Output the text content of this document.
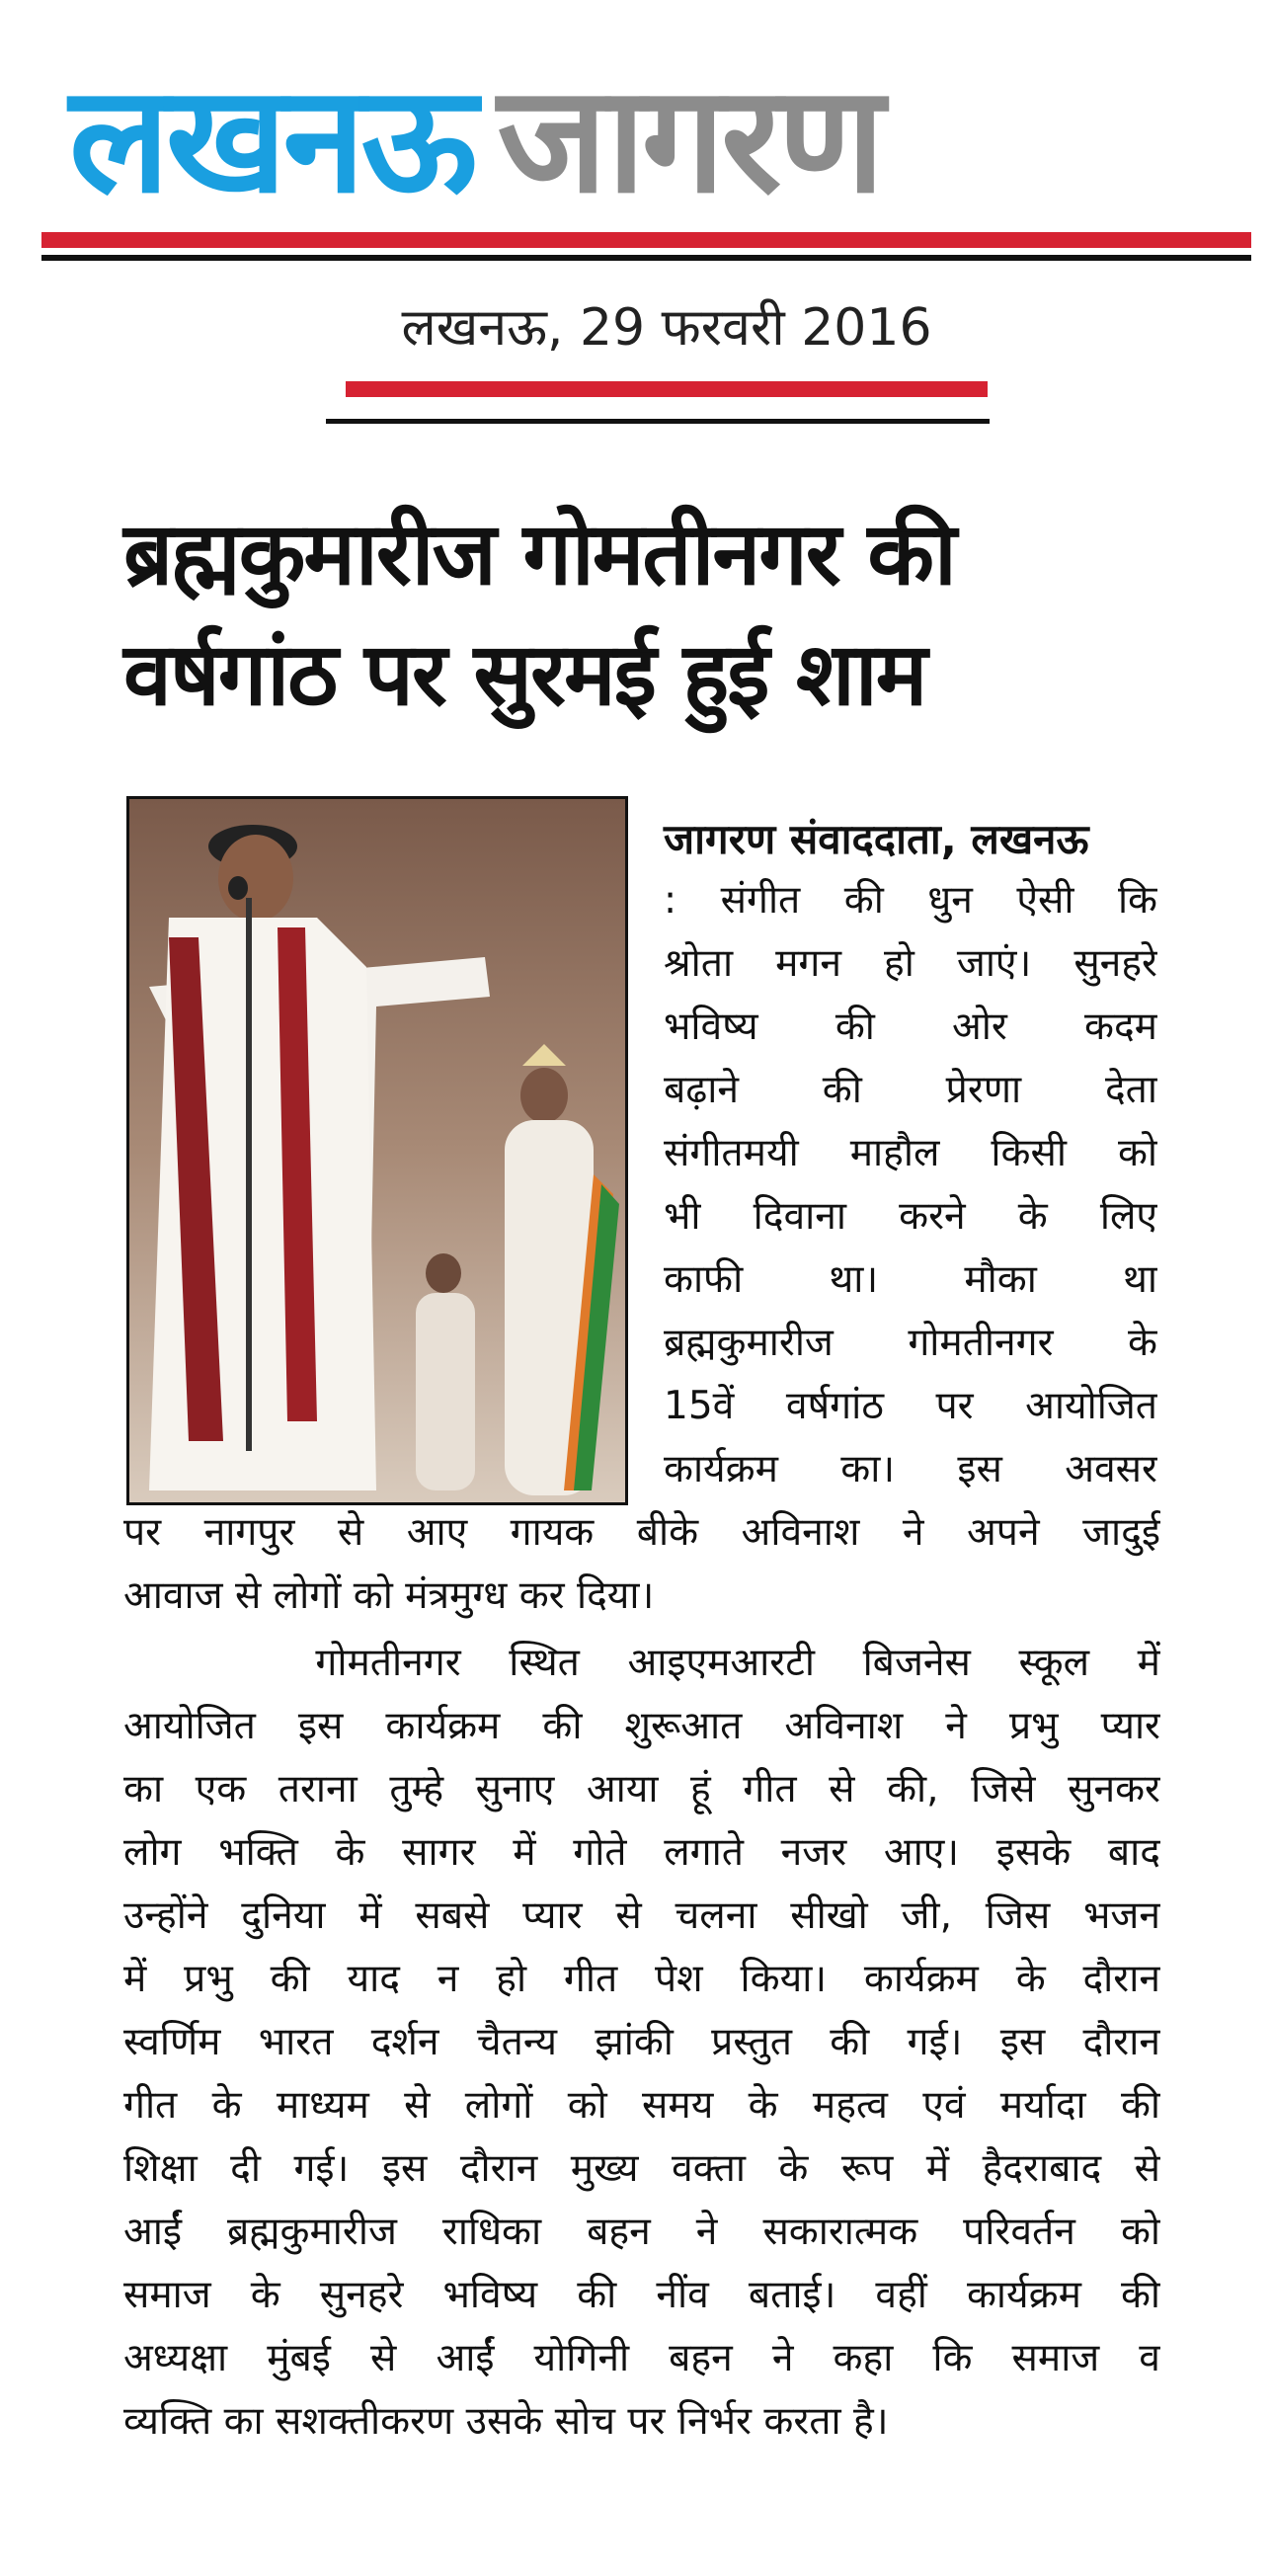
लखनऊ जागरण
लखनऊ, 29 फरवरी 2016
ब्रह्मकुमारीज गोमतीनगर की वर्षगांठ पर सुरमई हुई शाम
जागरण संवाददाता, लखनऊ
: संगीत की धुन ऐसी कि
श्रोता मगन हो जाएं। सुनहरे
भविष्य की ओर कदम
बढ़ाने की प्रेरणा देता
संगीतमयी माहौल किसी को
भी दिवाना करने के लिए
काफी था। मौका था
ब्रह्मकुमारीज गोमतीनगर के
15वें वर्षगांठ पर आयोजित
कार्यक्रम का। इस अवसर
पर नागपुर से आए गायक बीके अविनाश ने अपने जादुई
आवाज से लोगों को मंत्रमुग्ध कर दिया।
गोमतीनगर स्थित आइएमआरटी बिजनेस स्कूल में
आयोजित इस कार्यक्रम की शुरूआत अविनाश ने प्रभु प्यार
का एक तराना तुम्हे सुनाए आया हूं गीत से की, जिसे सुनकर
लोग भक्ति के सागर में गोते लगाते नजर आए। इसके बाद
उन्होंने दुनिया में सबसे प्यार से चलना सीखो जी, जिस भजन
में प्रभु की याद न हो गीत पेश किया। कार्यक्रम के दौरान
स्वर्णिम भारत दर्शन चैतन्य झांकी प्रस्तुत की गई। इस दौरान
गीत के माध्यम से लोगों को समय के महत्व एवं मर्यादा की
शिक्षा दी गई। इस दौरान मुख्य वक्ता के रूप में हैदराबाद से
आईं ब्रह्मकुमारीज राधिका बहन ने सकारात्मक परिवर्तन को
समाज के सुनहरे भविष्य की नींव बताई। वहीं कार्यक्रम की
अध्यक्षा मुंबई से आईं योगिनी बहन ने कहा कि समाज व
व्यक्ति का सशक्तीकरण उसके सोच पर निर्भर करता है।
